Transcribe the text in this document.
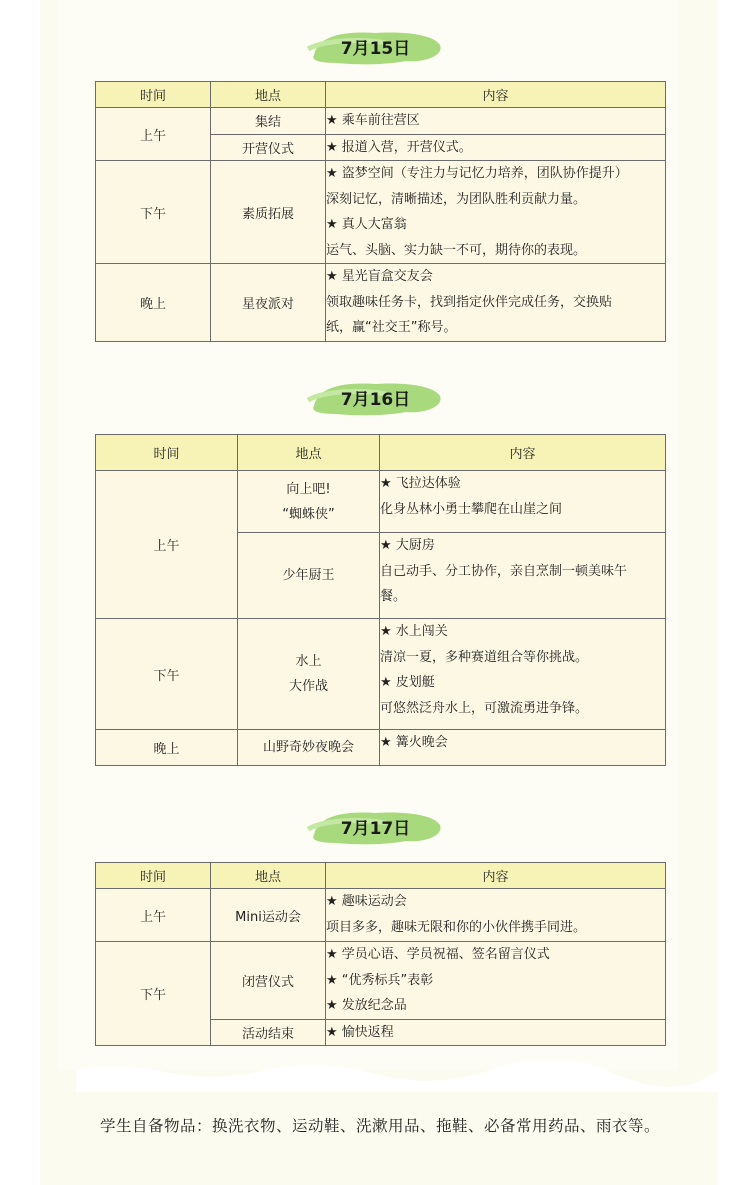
7月15日
时间	地点	内容
上午	集结	★ 乘车前往营区

	开营仪式	★ 报道入营，开营仪式。

下午	素质拓展	★ 盗梦空间（专注力与记忆力培养，团队协作提升）
深刻记忆，清晰描述，为团队胜利贡献力量。
★ 真人大富翁
运气、头脑、实力缺一不可，期待你的表现。

晚上	星夜派对	★ 星光盲盒交友会
领取趣味任务卡，找到指定伙伴完成任务，交换贴
纸，赢“社交王”称号。
7月16日
时间	地点	内容
上午	向上吧!
“蜘蛛侠”	★ 飞拉达体验
化身丛林小勇士攀爬在山崖之间

	少年厨王	★ 大厨房
自己动手、分工协作，亲自烹制一顿美味午
餐。

下午	水上
大作战	★ 水上闯关
清凉一夏，多种赛道组合等你挑战。
★ 皮划艇
可悠然泛舟水上，可激流勇进争锋。

晚上	山野奇妙夜晚会	★ 篝火晚会
7月17日
时间	地点	内容
上午	Mini运动会	★ 趣味运动会
项目多多，趣味无限和你的小伙伴携手同进。

下午	闭营仪式	★ 学员心语、学员祝福、签名留言仪式
★ “优秀标兵”表彰
★ 发放纪念品

	活动结束	★ 愉快返程
学生自备物品：换洗衣物、运动鞋、洗漱用品、拖鞋、必备常用药品、雨衣等。
